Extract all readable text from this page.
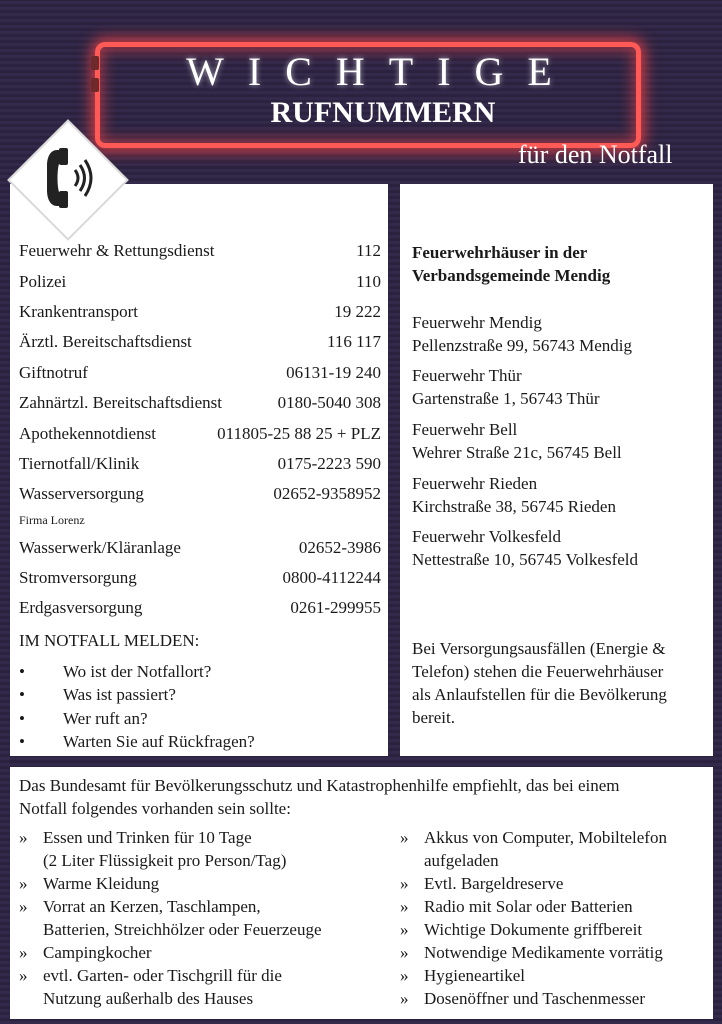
WICHTIGE
RUFNUMMERN
für den Notfall
Feuerwehr & Rettungsdienst	112
Polizei	110
Krankentransport	19 222
Ärztl. Bereitschaftsdienst	116 117
Giftnotruf	06131-19 240
Zahnärtzl. Bereitschaftsdienst	0180-5040 308
Apothekennotdienst	011805-25 88 25 + PLZ
Tiernotfall/Klinik	0175-2223 590
Wasserversorgung	02652-9358952
Firma Lorenz
Wasserwerk/Kläranlage	02652-3986
Stromversorgung	0800-4112244
Erdgasversorgung	0261-299955
IM NOTFALL MELDEN:
• Wo ist der Notfallort?
• Was ist passiert?
• Wer ruft an?
• Warten Sie auf Rückfragen?
Feuerwehrhäuser in der
Verbandsgemeinde Mendig
Feuerwehr Mendig
Pellenzstraße 99, 56743 Mendig
Feuerwehr Thür
Gartenstraße 1, 56743 Thür
Feuerwehr Bell
Wehrer Straße 21c, 56745 Bell
Feuerwehr Rieden
Kirchstraße 38, 56745 Rieden
Feuerwehr Volkesfeld
Nettestraße 10, 56745 Volkesfeld
Bei Versorgungsausfällen (Energie &
Telefon) stehen die Feuerwehrhäuser
als Anlaufstellen für die Bevölkerung
bereit.
Das Bundesamt für Bevölkerungsschutz und Katastrophenhilfe empfiehlt, das bei einem
Notfall folgendes vorhanden sein sollte:
» Essen und Trinken für 10 Tage
(2 Liter Flüssigkeit pro Person/Tag)
» Warme Kleidung
» Vorrat an Kerzen, Taschlampen,
Batterien, Streichhölzer oder Feuerzeuge
» Campingkocher
» evtl. Garten- oder Tischgrill für die
Nutzung außerhalb des Hauses
» Akkus von Computer, Mobiltelefon
aufgeladen
» Evtl. Bargeldreserve
» Radio mit Solar oder Batterien
» Wichtige Dokumente griffbereit
» Notwendige Medikamente vorrätig
» Hygieneartikel
» Dosenöffner und Taschenmesser
